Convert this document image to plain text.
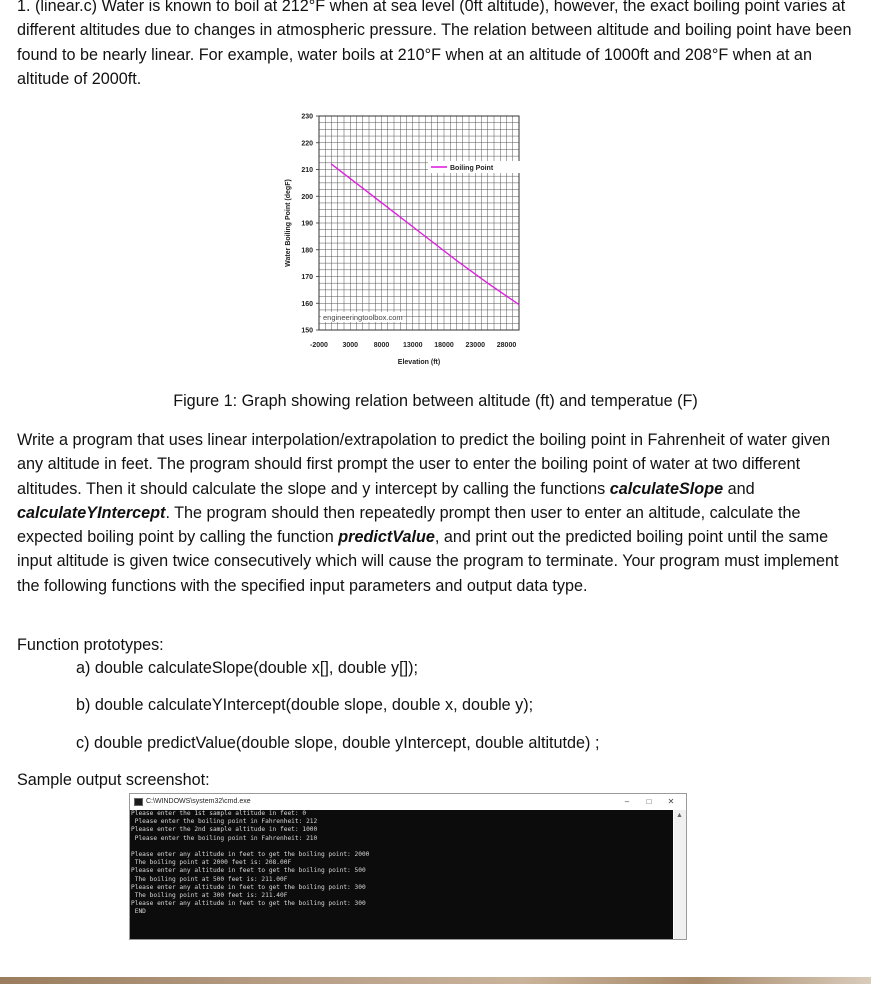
1. (linear.c) Water is known to boil at 212°F when at sea level (0ft altitude), however, the exact boiling point varies at different altitudes due to changes in atmospheric pressure. The relation between altitude and boiling point have been found to be nearly linear. For example, water boils at 210°F when at an altitude of 1000ft and 208°F when at an altitude of 2000ft.
230
220
210
200
190
180
170
160
150
-2000 3000 8000 13000 18000 23000 28000
Elevation (ft)
Water Boiling Point (degF)
Boiling Point
engineeringtoolbox.com
Figure 1: Graph showing relation between altitude (ft) and temperatue (F)
Write a program that uses linear interpolation/extrapolation to predict the boiling point in Fahrenheit of water given any altitude in feet. The program should first prompt the user to enter the boiling point of water at two different altitudes. Then it should calculate the slope and y intercept by calling the functions calculateSlope and calculateYIntercept. The program should then repeatedly prompt then user to enter an altitude, calculate the expected boiling point by calling the function predictValue, and print out the predicted boiling point until the same input altitude is given twice consecutively which will cause the program to terminate. Your program must implement the following functions with the specified input parameters and output data type.
Function prototypes:
a) double calculateSlope(double x[], double y[]);
b) double calculateYIntercept(double slope, double x, double y);
c) double predictValue(double slope, double yIntercept, double altitutde) ;
Sample output screenshot:
C:\WINDOWS\system32\cmd.exe	–	□	✕
Please enter the 1st sample altitude in feet: 0
Please enter the boiling point in Fahrenheit: 212
Please enter the 2nd sample altitude in feet: 1000
Please enter the boiling point in Fahrenheit: 210

Please enter any altitude in feet to get the boiling point: 2000
The boiling point at 2000 feet is: 208.00F
Please enter any altitude in feet to get the boiling point: 500
The boiling point at 500 feet is: 211.00F
Please enter any altitude in feet to get the boiling point: 300
The boiling point at 300 feet is: 211.40F
Please enter any altitude in feet to get the boiling point: 300
END
▲
